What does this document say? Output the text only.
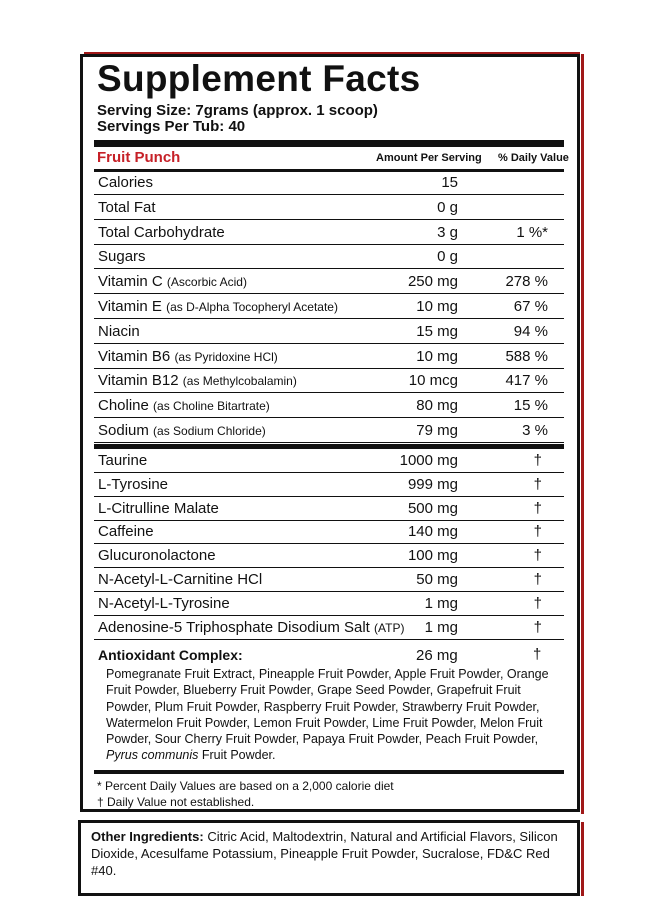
Supplement Facts
Serving Size: 7grams (approx. 1 scoop)
Servings Per Tub: 40
Fruit Punch	Amount Per Serving % Daily Value
Calories	15
Total Fat	0 g
Total Carbohydrate	3 g	1 %*
Sugars	0 g
Vitamin C (Ascorbic Acid)	250 mg	278 %
Vitamin E (as D-Alpha Tocopheryl Acetate)	10 mg	67 %
Niacin	15 mg	94 %
Vitamin B6 (as Pyridoxine HCl)	10 mg	588 %
Vitamin B12 (as Methylcobalamin)	10 mcg	417 %
Choline (as Choline Bitartrate)	80 mg	15 %
Sodium (as Sodium Chloride)	79 mg	3 %
Taurine	1000 mg	†
L-Tyrosine	999 mg	†
L-Citrulline Malate	500 mg	†
Caffeine	140 mg	†
Glucuronolactone	100 mg	†
N-Acetyl-L-Carnitine HCl	50 mg	†
N-Acetyl-L-Tyrosine	1 mg	†
Adenosine-5 Triphosphate Disodium Salt (ATP) 1 mg	†
Antioxidant Complex:	26 mg	†
Pomegranate Fruit Extract, Pineapple Fruit Powder, Apple Fruit Powder, Orange Fruit Powder, Blueberry Fruit Powder, Grape Seed Powder, Grapefruit Fruit Powder, Plum Fruit Powder, Raspberry Fruit Powder, Strawberry Fruit Powder, Watermelon Fruit Powder, Lemon Fruit Powder, Lime Fruit Powder, Melon Fruit Powder, Sour Cherry Fruit Powder, Papaya Fruit Powder, Peach Fruit Powder, Pyrus communis Fruit Powder.
* Percent Daily Values are based on a 2,000 calorie diet
† Daily Value not established.
Other Ingredients: Citric Acid, Maltodextrin, Natural and Artificial Flavors, Silicon Dioxide, Acesulfame Potassium, Pineapple Fruit Powder, Sucralose, FD&C Red #40.
